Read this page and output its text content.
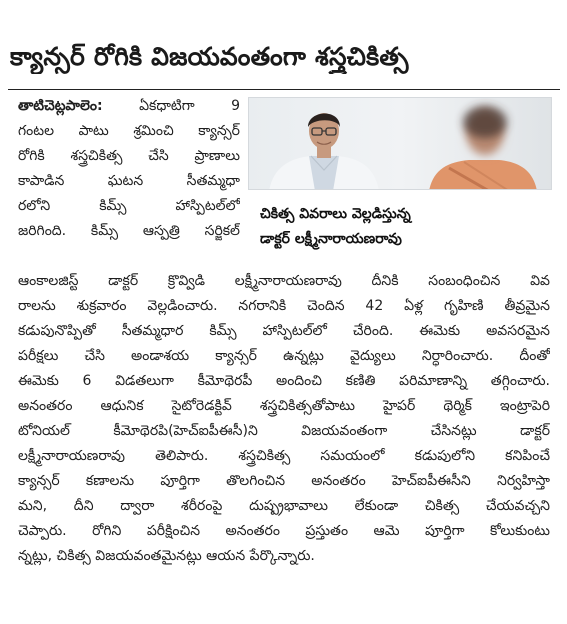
క్యాన్సర్ రోగికి విజయవంతంగా శస్త్రచికిత్స
తాటిచెట్లపాలెం: ఏకధాటిగా 9
గంటల పాటు శ్రమించి క్యాన్సర్
రోగికి శస్త్రచికిత్స చేసి ప్రాణాలు
కాపాడిన ఘటన సీతమ్మధా
రలోని కిమ్స్ హాస్పిటల్‌లో
జరిగింది. కిమ్స్ ఆస్పత్రి సర్జికల్
చికిత్స వివరాలు వెల్లడిస్తున్న
డాక్టర్ లక్ష్మీనారాయణరావు
ఆంకాలజిస్ట్ డాక్టర్ క్రొవ్విడి లక్ష్మీనారాయణరావు దీనికి సంబంధించిన వివ
రాలను శుక్రవారం వెల్లడించారు. నగరానికి చెందిన 42 ఏళ్ల గృహిణి తీవ్రమైన
కడుపునొప్పితో సీతమ్మధార కిమ్స్ హాస్పిటల్‌లో చేరింది. ఈమెకు అవసరమైన
పరీక్షలు చేసి అండాశయ క్యాన్సర్ ఉన్నట్లు వైద్యులు నిర్ధారించారు. దీంతో
ఈమెకు 6 విడతలుగా కీమోథెరపీ అందించి కణితి పరిమాణాన్ని తగ్గించారు.
అనంతరం ఆధునిక సైటోరెడక్టివ్ శస్త్రచికిత్సతోపాటు హైపర్ థెర్మిక్ ఇంట్రాపెరి
టోనియల్ కీమోథెరపి(హెచ్‌ఐపీఈసీ)ని విజయవంతంగా చేసినట్లు డాక్టర్
లక్ష్మీనారాయణరావు తెలిపారు. శస్త్రచికిత్స సమయంలో కడుపులోని కనిపించే
క్యాన్సర్ కణాలను పూర్తిగా తొలగించిన అనంతరం హెచ్‌ఐపీఈసీని నిర్వహిస్తా
మని, దీని ద్వారా శరీరంపై దుష్ప్రభావాలు లేకుండా చికిత్స చేయవచ్చని
చెప్పారు. రోగిని పరీక్షించిన అనంతరం ప్రస్తుతం ఆమె పూర్తిగా కోలుకుంటు
న్నట్లు, చికిత్స విజయవంతమైనట్లు ఆయన పేర్కొన్నారు.
